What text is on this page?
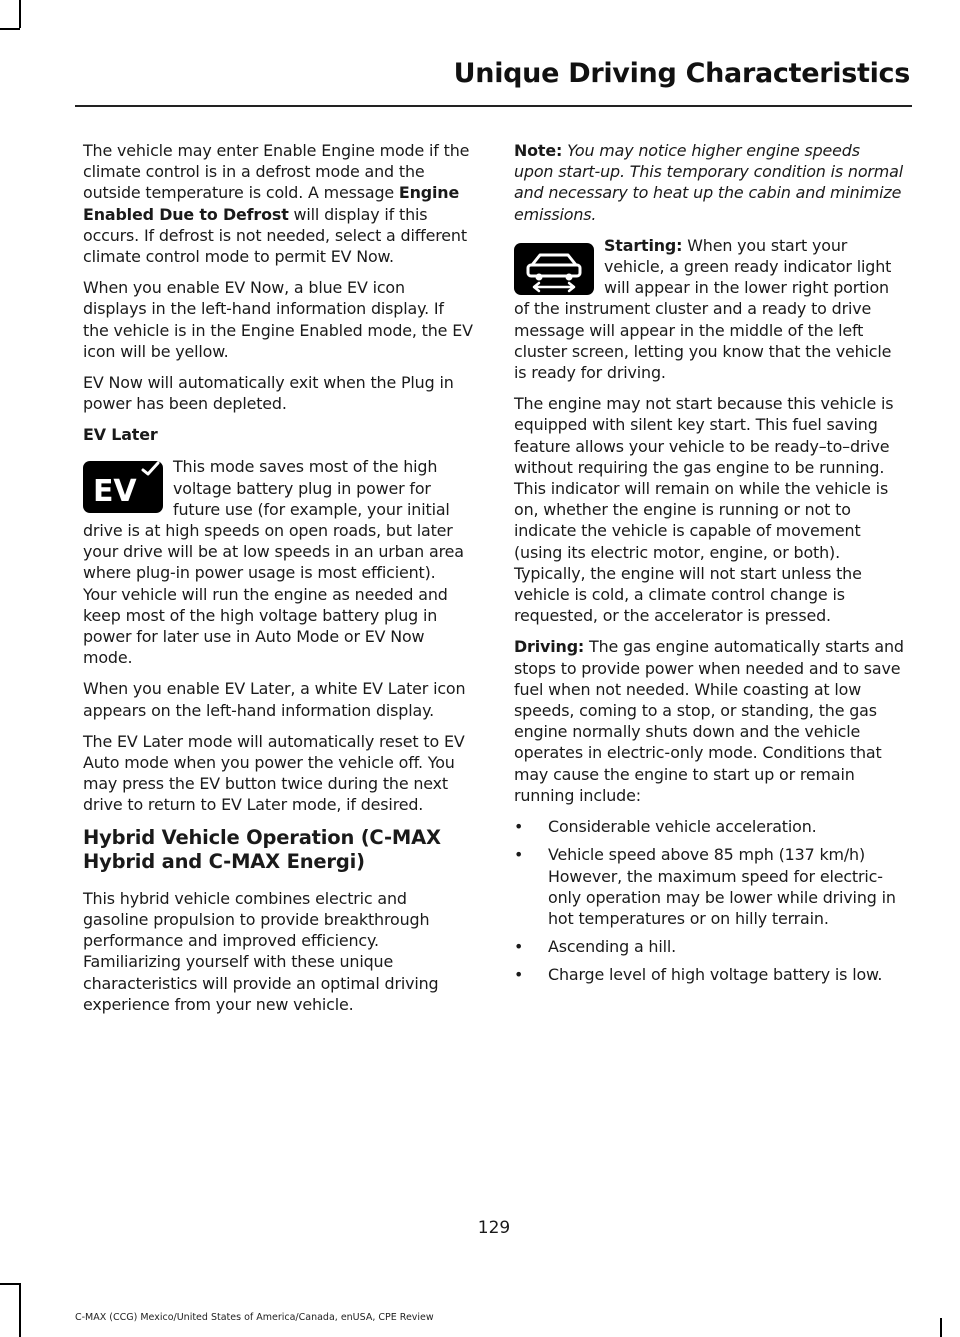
Unique Driving Characteristics

The vehicle may enter Enable Engine mode if the climate control is in a defrost mode and the outside temperature is cold. A message Engine Enabled Due to Defrost will display if this occurs. If defrost is not needed, select a different climate control mode to permit EV Now.

When you enable EV Now, a blue EV icon displays in the left-hand information display. If the vehicle is in the Engine Enabled mode, the EV icon will be yellow.

EV Now will automatically exit when the Plug in power has been depleted.

EV Later
EV

This mode saves most of the high voltage battery plug in power for future use (for example, your initial drive is at high speeds on open roads, but later your drive will be at low speeds in an urban area where plug-in power usage is most efficient). Your vehicle will run the engine as needed and keep most of the high voltage battery plug in power for later use in Auto Mode or EV Now mode.

When you enable EV Later, a white EV Later icon appears on the left-hand information display.

The EV Later mode will automatically reset to EV Auto mode when you power the vehicle off. You may press the EV button twice during the next drive to return to EV Later mode, if desired.

Hybrid Vehicle Operation (C-MAX Hybrid and C-MAX Energi)

This hybrid vehicle combines electric and gasoline propulsion to provide breakthrough performance and improved efficiency. Familiarizing yourself with these unique characteristics will provide an optimal driving experience from your new vehicle.

Note: You may notice higher engine speeds upon start-up. This temporary condition is normal and necessary to heat up the cabin and minimize emissions.

Starting: When you start your vehicle, a green ready indicator light will appear in the lower right portion of the instrument cluster and a ready to drive message will appear in the middle of the left cluster screen, letting you know that the vehicle is ready for driving.

The engine may not start because this vehicle is equipped with silent key start. This fuel saving feature allows your vehicle to be ready–to–drive without requiring the gas engine to be running. This indicator will remain on while the vehicle is on, whether the engine is running or not to indicate the vehicle is capable of movement (using its electric motor, engine, or both). Typically, the engine will not start unless the vehicle is cold, a climate control change is requested, or the accelerator is pressed.

Driving: The gas engine automatically starts and stops to provide power when needed and to save fuel when not needed. While coasting at low speeds, coming to a stop, or standing, the gas engine normally shuts down and the vehicle operates in electric-only mode. Conditions that may cause the engine to start up or remain running include:

• Considerable vehicle acceleration.
• Vehicle speed above 85 mph (137 km/h) However, the maximum speed for electric-only operation may be lower while driving in hot temperatures or on hilly terrain.
• Ascending a hill.
• Charge level of high voltage battery is low.
129
C-MAX (CCG) Mexico/United States of America/Canada, enUSA, CPE Review
